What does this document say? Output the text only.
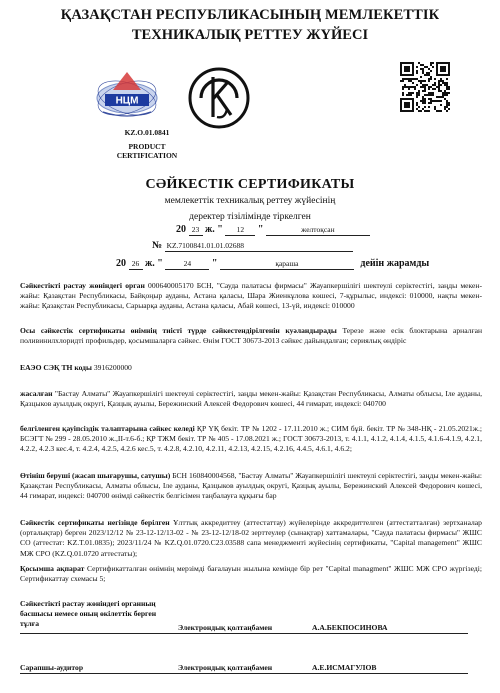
ҚАЗАҚСТАН РЕСПУБЛИКАСЫНЫҢ МЕМЛЕКЕТТІК
ТЕХНИКАЛЫҚ РЕТТЕУ ЖҮЙЕСІ
НЦМ
KZ.O.01.0841
PRODUCT
CERTIFICATION
СӘЙКЕСТІК СЕРТИФИКАТЫ
мемлекеттік техникалық реттеу жүйесінің
деректер тізілімінде тіркелген
20 23 ж. " 12 "	желтоқсан
№ KZ.7100841.01.01.02688
20 26 ж. "	24 "	қараша	дейін жарамды
Сәйкестікті растау жөніндегі орган 000640005170 БСН, "Сауда палатасы фирмасы" Жауапкершілігі шектеулі серіктестігі, заңды мекен-жайы: Қазақстан Республикасы, Байқоңыр ауданы, Астана қаласы, Шара Жиенкұлова көшесі, 7-құрылыс, индексі: 010000, нақты мекен-жайы: Қазақстан Республикасы, Сарыарқа ауданы, Астана қаласы, Абай көшесі, 13-үй, индексі: 010000
Осы сәйкестік сертификаты өнімнің тиісті түрде сәйкестендірілгенін куәландырады Терезе және есік блоктарына арналған поливинилхлоридті профильдер, қосымшаларға сәйкес. Өнім ГОСТ 30673-2013 сәйкес дайындалған; сериялық өндіріс
ЕАЭО СЭҚ ТН коды 3916200000
жасалған "Бастау Алматы" Жауапкершілігі шектеулі серіктестігі, заңды мекен-жайы: Қазақстан Республикасы, Алматы облысы, Іле ауданы, Қазцыков ауылдық округі, Қазцық ауылы, Бережинский Алексей Федорович көшесі, 44 гимарат, индексі: 040700
белгіленген қауіпсіздік талаптарына сәйкес келеді ҚР ҮҚ бекіт. ТР № 1202 - 17.11.2010 ж.; СИМ бұй. бекіт. ТР № 348-НҚ - 21.05.2021ж.; БСЭГТ № 299 - 28.05.2010 ж.,ІІ-т.6-б.; ҚР ТЖМ бекіт. ТР № 405 - 17.08.2021 ж.; ГОСТ 30673-2013, т. 4.1.1, 4.1.2, 4.1.4, 4.1.5, 4.1.6-4.1.9, 4.2.1, 4.2.2, 4.2.3 кес.4, т. 4.2.4, 4.2.5, 4.2.6 кес.5, т. 4.2.8, 4.2.10, 4.2.11, 4.2.13, 4.2.15, 4.2.16, 4.4.5, 4.6.1, 4.6.2;
Өтініш беруші (жасап шығарушы, сатушы) БСН 160840004568, "Бастау Алматы" Жауапкершілігі шектеулі серіктестігі, заңды мекен-жайы: Қазақстан Республикасы, Алматы облысы, Іле ауданы, Қазцыков ауылдық округі, Қазцық ауылы, Бережинский Алексей Федорович көшесі, 44 гимарат, индексі: 040700 өнімді сәйкестік белгісімен таңбалауға құқығы бар
Сәйкестік сертификаты негізінде берілген Ұлттық аккредиттеу (аттестаттау) жүйелерінде аккредиттелген (аттестатталған) зертханалар (орталықтар) берген 2023/12/12 № 23-12-12/13-02 - № 23-12-12/18-02 зерттеулер (сынақтар) хаттамалары, "Сауда палатасы фирмасы" ЖШС СО (аттестат: KZ.T.01.0835); 2023/11/24 № KZ.Q.01.0720.C23.03588 сапа менеджменті жүйесінің сертификаты, "Capital management" ЖШС МЖ СРО (KZ.Q.01.0720 аттестаты);
Қосымша ақпарат Сертификатталған өнімнің мерзімді бағалауын жылына кемінде бір рет "Capital managment" ЖШС МЖ СРО жүргізеді; Сертификаттау схемасы 5;
Сәйкестікті растау жөніндегі органның
басшысы немесе оның өкілеттік берген
тұлға	Электрондық қолтаңбамен	А.А.БЕКПОСИНОВА
Сарапшы-аудитор	Электрондық қолтаңбамен	А.Е.ИСМАГУЛОВ
